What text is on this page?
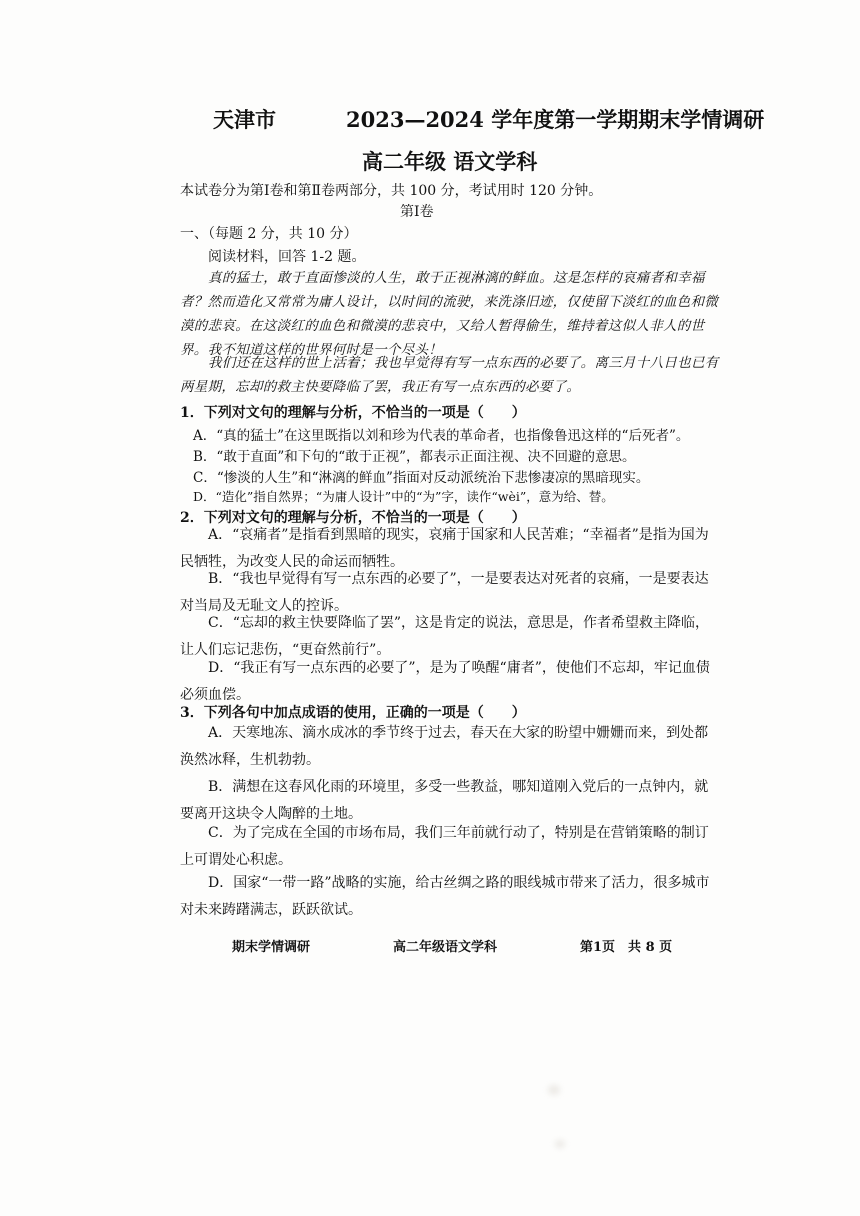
天津市	2023—2024 学年度第一学期期末学情调研
高二年级 语文学科
本试卷分为第Ⅰ卷和第Ⅱ卷两部分，共 100 分，考试用时 120 分钟。
第Ⅰ卷
一、（每题 2 分，共 10 分）
阅读材料，回答 1-2 题。
真的猛士，敢于直面惨淡的人生，敢于正视淋漓的鲜血。这是怎样的哀痛者和幸福者？然而造化又常常为庸人设计，以时间的流驶，来洗涤旧迹，仅使留下淡红的血色和微漠的悲哀。在这淡红的血色和微漠的悲哀中，又给人暂得偷生，维持着这似人非人的世界。我不知道这样的世界何时是一个尽头！
我们还在这样的世上活着；我也早觉得有写一点东西的必要了。离三月十八日也已有两星期，忘却的救主快要降临了罢，我正有写一点东西的必要了。
1．下列对文句的理解与分析，不恰当的一项是（　　）
A．“真的猛士”在这里既指以刘和珍为代表的革命者，也指像鲁迅这样的“后死者”。
B．“敢于直面”和下句的“敢于正视”，都表示正面注视、决不回避的意思。
C．“惨淡的人生”和“淋漓的鲜血”指面对反动派统治下悲惨凄凉的黑暗现实。
D．“造化”指自然界；“为庸人设计”中的“为”字，读作“wèi”，意为给、替。
2．下列对文句的理解与分析，不恰当的一项是（　　）
A．“哀痛者”是指看到黑暗的现实，哀痛于国家和人民苦难；“幸福者”是指为国为民牺牲，为改变人民的命运而牺牲。
B．“我也早觉得有写一点东西的必要了”，一是要表达对死者的哀痛，一是要表达对当局及无耻文人的控诉。
C．“忘却的救主快要降临了罢”，这是肯定的说法，意思是，作者希望救主降临，让人们忘记悲伤，“更奋然前行”。
D．“我正有写一点东西的必要了”，是为了唤醒“庸者”，使他们不忘却，牢记血债必须血偿。
3．下列各句中加点成语的使用，正确的一项是（　　）
A．天寒地冻、滴水成冰的季节终于过去，春天在大家的盼望中姗姗而来，到处都涣然冰释，生机勃勃。
B．满想在这春风化雨的环境里，多受一些教益，哪知道刚入党后的一点钟内，就要离开这块令人陶醉的土地。
C．为了完成在全国的市场布局，我们三年前就行动了，特别是在营销策略的制订上可谓处心积虑。
D．国家“一带一路”战略的实施，给古丝绸之路的眼线城市带来了活力，很多城市对未来踌躇满志，跃跃欲试。
期末学情调研	高二年级语文学科	第1页　共 8 页
